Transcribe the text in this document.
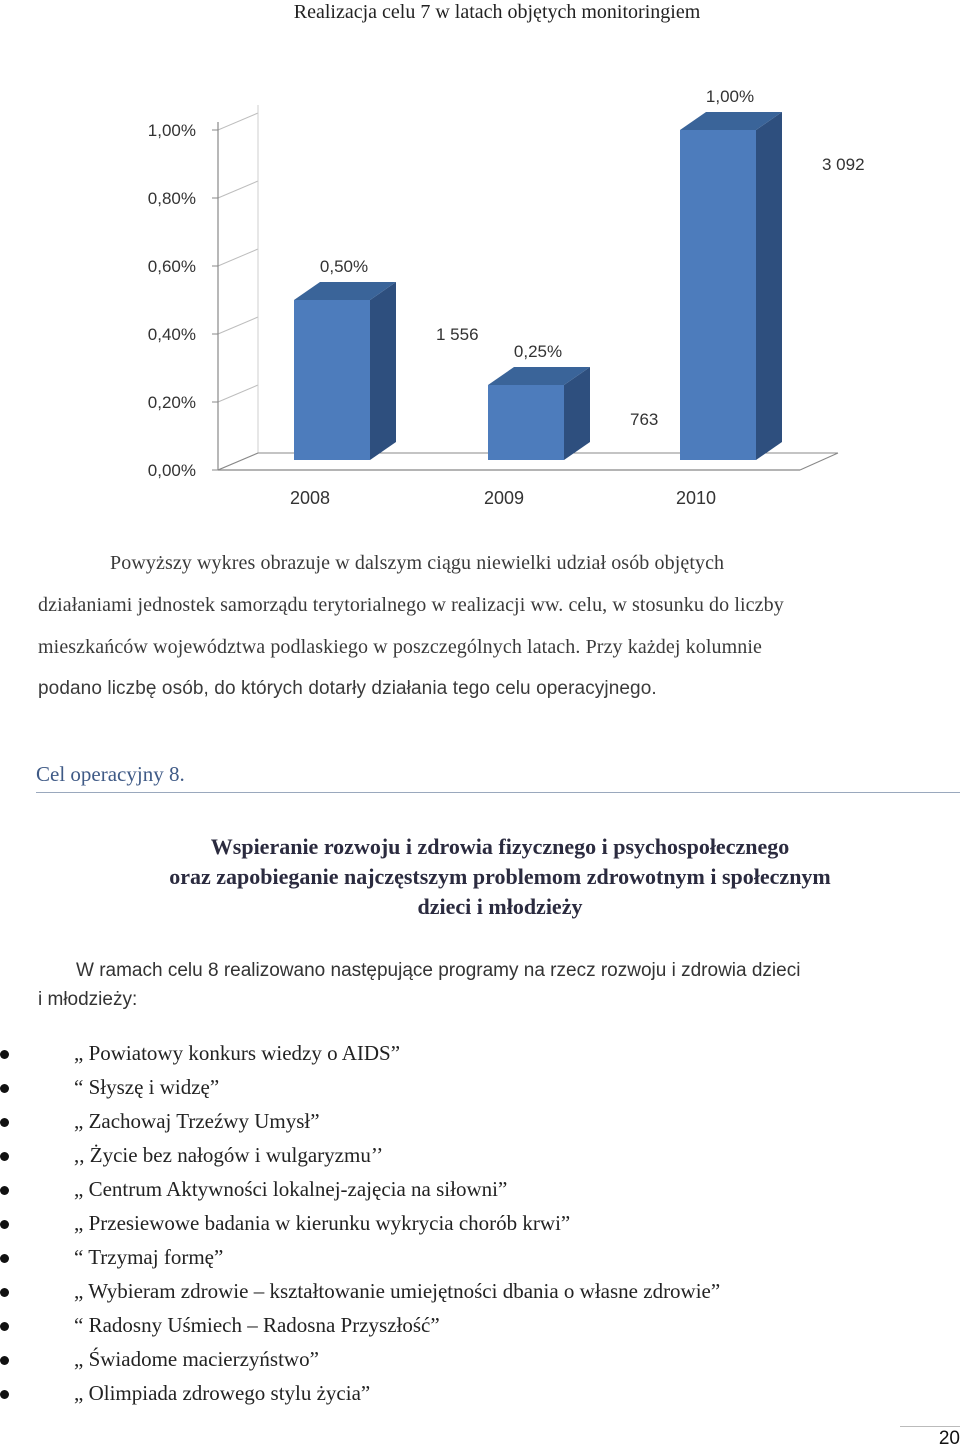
Realizacja celu 7 w latach objętych monitoringiem
0,00%
0,20%
0,40%
0,60%
0,80%
1,00%
0,50%
1 556
2008
0,25%
763
2009
1,00%
3 092
2010
Powyższy wykres obrazuje w dalszym ciągu niewielki udział osób objętych
działaniami jednostek samorządu terytorialnego w realizacji ww. celu, w stosunku do liczby
mieszkańców województwa podlaskiego w poszczególnych latach. Przy każdej kolumnie
podano liczbę osób, do których dotarły działania tego celu operacyjnego.
Cel operacyjny 8.
Wspieranie rozwoju i zdrowia fizycznego i psychospołecznego
oraz zapobieganie najczęstszym problemom zdrowotnym i społecznym
dzieci i młodzieży
W ramach celu 8 realizowano następujące programy na rzecz rozwoju i zdrowia dzieci
i młodzieży:
„ Powiatowy konkurs wiedzy o AIDS”
“ Słyszę i widzę”
„ Zachowaj Trzeźwy Umysł”
,, Życie bez nałogów i wulgaryzmu’’
„ Centrum Aktywności lokalnej-zajęcia na siłowni”
„ Przesiewowe badania w kierunku wykrycia chorób krwi”
“ Trzymaj formę”
„ Wybieram zdrowie – kształtowanie umiejętności dbania o własne zdrowie”
“ Radosny Uśmiech – Radosna Przyszłość”
„ Świadome macierzyństwo”
„ Olimpiada zdrowego stylu życia”
20
